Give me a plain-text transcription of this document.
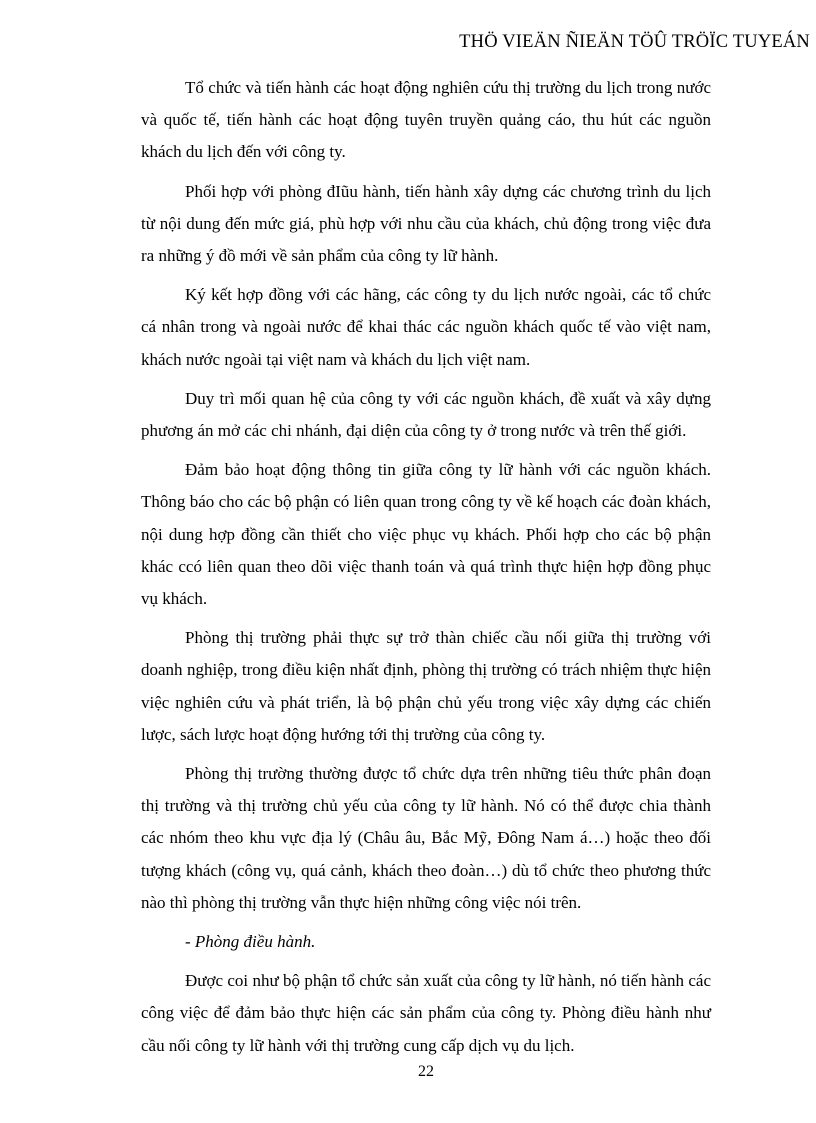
THÖ VIEÄN ÑIEÄN TÖÛ TRÖÏC TUYEÁN

Tổ chức và tiến hành các hoạt động nghiên cứu thị trường du lịch trong nước và quốc tế, tiến hành các hoạt động tuyên truyền quảng cáo, thu hút các nguồn khách du lịch đến với công ty.

Phối hợp với phòng đIũu hành, tiến hành xây dựng các chương trình du lịch từ nội dung đến mức giá, phù hợp với nhu cầu của khách, chủ động trong việc đưa ra những ý đồ mới về sản phẩm của công ty lữ hành.

Ký kết hợp đồng với các hãng, các công ty du lịch nước ngoài, các tổ chức cá nhân trong và ngoài nước để khai thác các nguồn khách quốc tế vào việt nam, khách nước ngoài tại việt nam và khách du lịch việt nam.

Duy trì mối quan hệ của công ty với các nguồn khách, đề xuất và xây dựng phương án mở các chi nhánh, đại diện của công ty ở trong nước và trên thế giới.

Đảm bảo hoạt động thông tin giữa công ty lữ hành với các nguồn khách. Thông báo cho các bộ phận có liên quan trong công ty về kế hoạch các đoàn khách, nội dung hợp đồng cần thiết cho việc phục vụ khách. Phối hợp cho các bộ phận khác ccó liên quan theo dõi việc thanh toán và quá trình thực hiện hợp đồng phục vụ khách.

Phòng thị trường phải thực sự trở thàn chiếc cầu nối giữa thị trường với doanh nghiệp, trong điều kiện nhất định, phòng thị trường có trách nhiệm thực hiện việc nghiên cứu và phát triển, là bộ phận chủ yếu trong việc xây dựng các chiến lược, sách lược hoạt động hướng tới thị trường của công ty.

Phòng thị trường thường được tổ chức dựa trên những tiêu thức phân đoạn thị trường và thị trường chủ yếu của công ty lữ hành. Nó có thể được chia thành các nhóm theo khu vực địa lý (Châu âu, Bắc Mỹ, Đông Nam á…) hoặc theo đối tượng khách (công vụ, quá cảnh, khách theo đoàn…) dù tổ chức theo phương thức nào thì phòng thị trường vẫn thực hiện những công việc nói trên.

- Phòng điều hành.

Được coi như bộ phận tổ chức sản xuất của công ty lữ hành, nó tiến hành các công việc để đảm bảo thực hiện các sản phẩm của công ty. Phòng điều hành như cầu nối công ty lữ hành với thị trường cung cấp dịch vụ du lịch.

22
